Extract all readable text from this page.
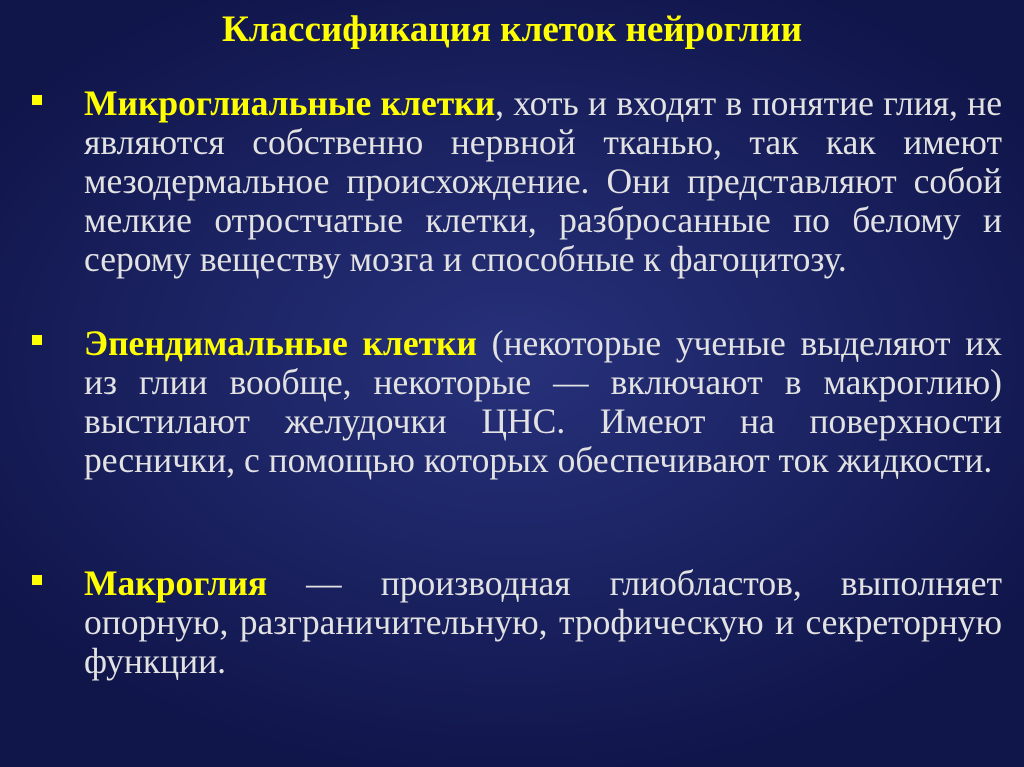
Классификация клеток нейроглии
Микроглиальные клетки, хоть и входят в понятие глия, не являются собственно нервной тканью, так как имеют мезодермальное происхождение. Они представляют собой мелкие отростчатые клетки, разбросанные по белому и серому веществу мозга и способные к фагоцитозу.
Эпендимальные клетки (некоторые ученые выделяют их из глии вообще, некоторые — включают в макроглию) выстилают желудочки ЦНС. Имеют на поверхности реснички, с помощью которых обеспечивают ток жидкости.
Макроглия — производная глиобластов, выполняет опорную, разграничительную, трофическую и секреторную функции.
